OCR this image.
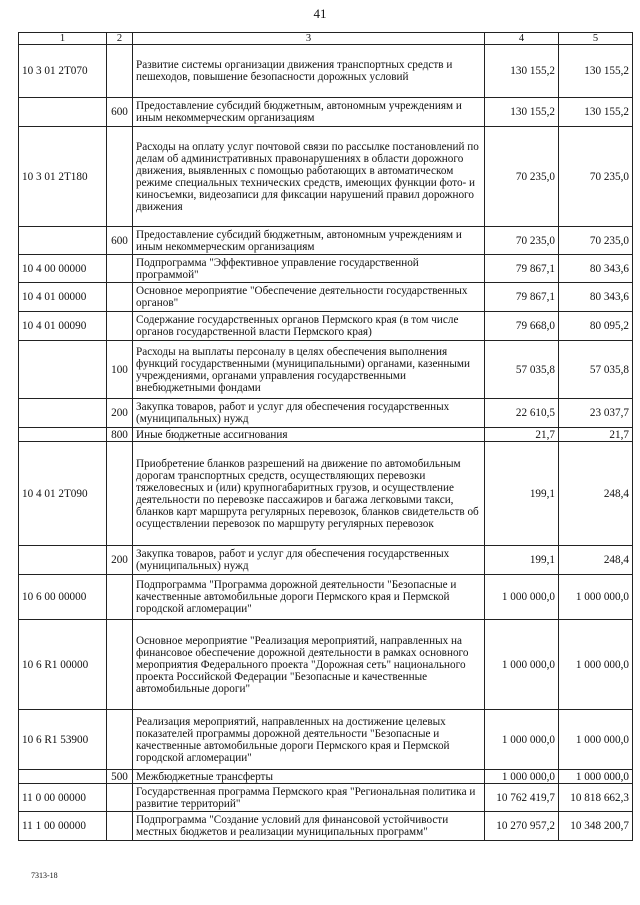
41
1	2	3	4	5
10 3 01 2Т070		Развитие системы организации движения транспортных средств и пешеходов, повышение безопасности дорожных условий	130 155,2	130 155,2
	600	Предоставление субсидий бюджетным, автономным учреждениям и иным некоммерческим организациям	130 155,2	130 155,2
10 3 01 2Т180		Расходы на оплату услуг почтовой связи по рассылке постановлений по делам об административных правонарушениях в области дорожного движения, выявленных с помощью работающих в автоматическом режиме специальных технических средств, имеющих функции фото- и киносъемки, видеозаписи для фиксации нарушений правил дорожного движения	70 235,0	70 235,0
	600	Предоставление субсидий бюджетным, автономным учреждениям и иным некоммерческим организациям	70 235,0	70 235,0
10 4 00 00000		Подпрограмма "Эффективное управление государственной программой"	79 867,1	80 343,6
10 4 01 00000		Основное мероприятие "Обеспечение деятельности государственных органов"	79 867,1	80 343,6
10 4 01 00090		Содержание государственных органов Пермского края (в том числе органов государственной власти Пермского края)	79 668,0	80 095,2
	100	Расходы на выплаты персоналу в целях обеспечения выполнения функций государственными (муниципальными) органами, казенными учреждениями, органами управления государственными внебюджетными фондами	57 035,8	57 035,8
	200	Закупка товаров, работ и услуг для обеспечения государственных (муниципальных) нужд	22 610,5	23 037,7
	800	Иные бюджетные ассигнования	21,7	21,7
10 4 01 2Т090		Приобретение бланков разрешений на движение по автомобильным дорогам транспортных средств, осуществляющих перевозки тяжеловесных и (или) крупногабаритных грузов, и осуществление деятельности по перевозке пассажиров и багажа легковыми такси, бланков карт маршрута регулярных перевозок, бланков свидетельств об осуществлении перевозок по маршруту регулярных перевозок	199,1	248,4
	200	Закупка товаров, работ и услуг для обеспечения государственных (муниципальных) нужд	199,1	248,4
10 6 00 00000		Подпрограмма "Программа дорожной деятельности "Безопасные и качественные автомобильные дороги Пермского края и Пермской городской агломерации"	1 000 000,0	1 000 000,0
10 6 R1 00000		Основное мероприятие "Реализация мероприятий, направленных на финансовое обеспечение дорожной деятельности в рамках основного мероприятия Федерального проекта "Дорожная сеть" национального проекта Российской Федерации "Безопасные и качественные автомобильные дороги"	1 000 000,0	1 000 000,0
10 6 R1 53900		Реализация мероприятий, направленных на достижение целевых показателей программы дорожной деятельности "Безопасные и качественные автомобильные дороги Пермского края и Пермской городской агломерации"	1 000 000,0	1 000 000,0
	500	Межбюджетные трансферты	1 000 000,0	1 000 000,0
11 0 00 00000		Государственная программа Пермского края "Региональная политика и развитие территорий"	10 762 419,7	10 818 662,3
11 1 00 00000		Подпрограмма "Создание условий для финансовой устойчивости местных бюджетов и реализации муниципальных программ"	10 270 957,2	10 348 200,7
7313-18
